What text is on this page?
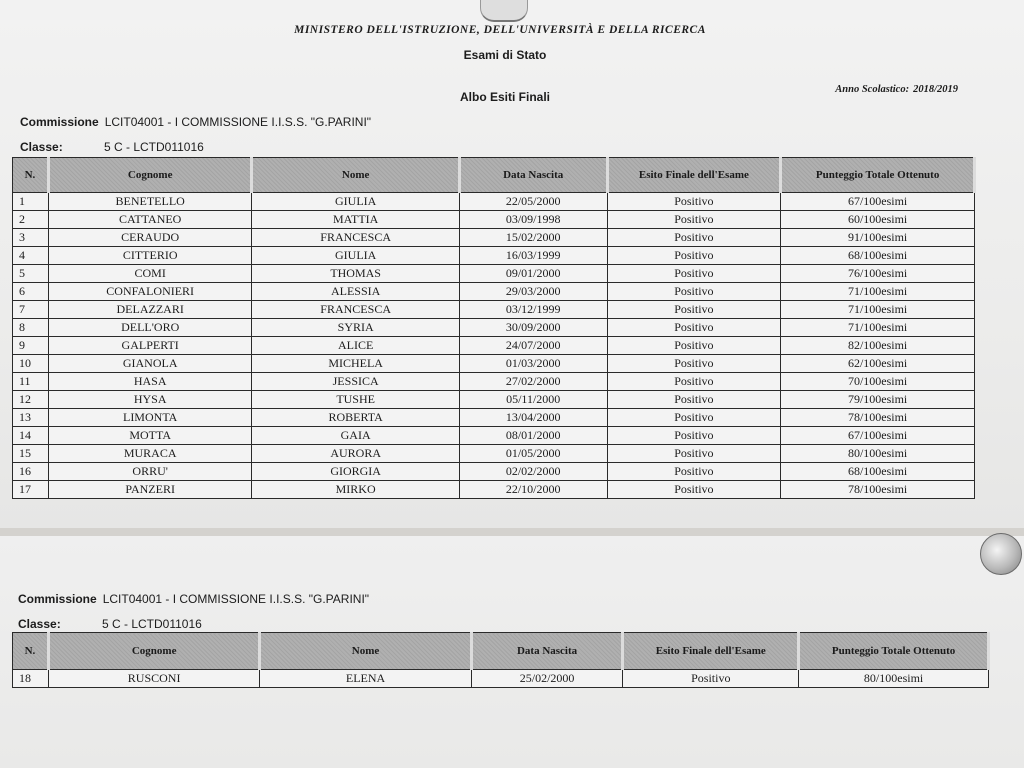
MINISTERO DELL'ISTRUZIONE, DELL'UNIVERSITÀ E DELLA RICERCA
Esami di Stato
Albo Esiti Finali
Anno Scolastico: 2018/2019
Commissione LCIT04001 - I COMMISSIONE I.I.S.S. "G.PARINI"
Classe:	5 C - LCTD011016
N.	Cognome	Nome	Data Nascita	Esito Finale dell'Esame	Punteggio Totale Ottenuto
1	BENETELLO	GIULIA	22/05/2000	Positivo	67/100esimi
2	CATTANEO	MATTIA	03/09/1998	Positivo	60/100esimi
3	CERAUDO	FRANCESCA	15/02/2000	Positivo	91/100esimi
4	CITTERIO	GIULIA	16/03/1999	Positivo	68/100esimi
5	COMI	THOMAS	09/01/2000	Positivo	76/100esimi
6	CONFALONIERI	ALESSIA	29/03/2000	Positivo	71/100esimi
7	DELAZZARI	FRANCESCA	03/12/1999	Positivo	71/100esimi
8	DELL'ORO	SYRIA	30/09/2000	Positivo	71/100esimi
9	GALPERTI	ALICE	24/07/2000	Positivo	82/100esimi
10	GIANOLA	MICHELA	01/03/2000	Positivo	62/100esimi
11	HASA	JESSICA	27/02/2000	Positivo	70/100esimi
12	HYSA	TUSHE	05/11/2000	Positivo	79/100esimi
13	LIMONTA	ROBERTA	13/04/2000	Positivo	78/100esimi
14	MOTTA	GAIA	08/01/2000	Positivo	67/100esimi
15	MURACA	AURORA	01/05/2000	Positivo	80/100esimi
16	ORRU'	GIORGIA	02/02/2000	Positivo	68/100esimi
17	PANZERI	MIRKO	22/10/2000	Positivo	78/100esimi
Commissione LCIT04001 - I COMMISSIONE I.I.S.S. "G.PARINI"
Classe:	5 C - LCTD011016
N.	Cognome	Nome	Data Nascita	Esito Finale dell'Esame	Punteggio Totale Ottenuto
18	RUSCONI	ELENA	25/02/2000	Positivo	80/100esimi
